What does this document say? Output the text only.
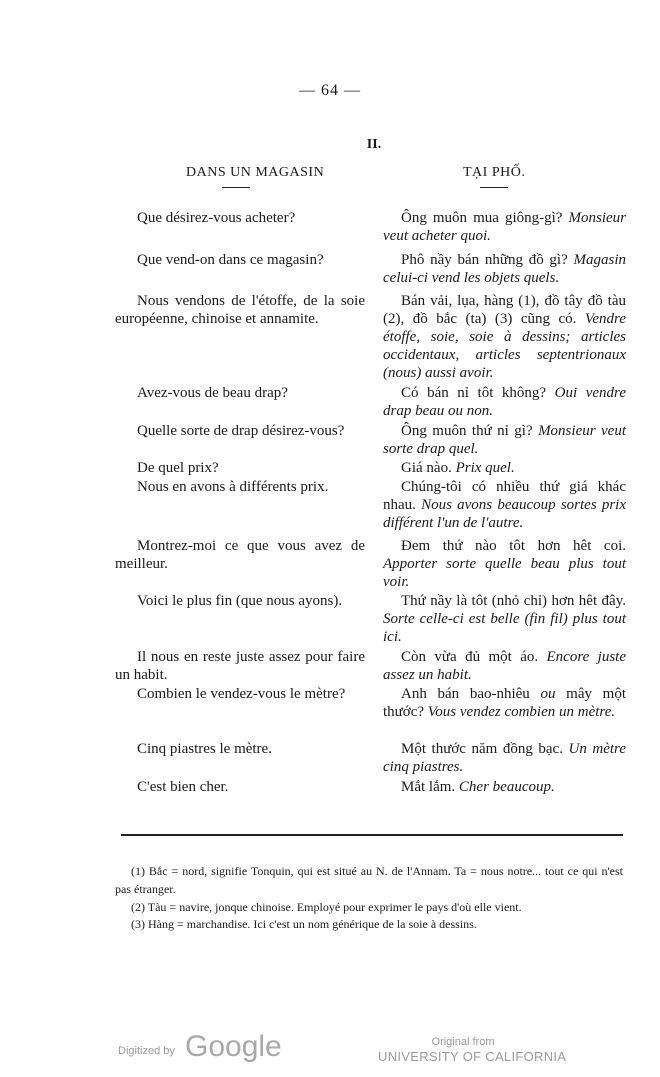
— 64 —
II.
DANS UN MAGASIN	TẠI PHỐ.
Que désirez-vous acheter?
Que vend-on dans ce magasin?
Nous vendons de l'étoffe, de la soie européenne, chinoise et annamite.
Avez-vous de beau drap?
Quelle sorte de drap désirez-vous?
De quel prix?
Nous en avons à différents prix.
Montrez-moi ce que vous avez de meilleur.
Voici le plus fin (que nous ayons).
Il nous en reste juste assez pour faire un habit.
Combien le vendez-vous le mètre?
Cinq piastres le mètre.
C'est bien cher.
Ông muôn mua giông-gì? Monsieur veut acheter quoi.
Phô nầy bán những đồ gì? Magasin celui-ci vend les objets quels.
Bán vải, lụa, hàng (1), đồ tây đồ tàu (2), đồ bắc (ta) (3) cũng có. Vendre étoffe, soie, soie à dessins; articles occidentaux, articles septentrionaux (nous) aussi avoir.
Có bán nỉ tôt không? Oui vendre drap beau ou non.
Ông muôn thứ nỉ gì? Monsieur veut sorte drap quel.
Giá nào. Prix quel.
Chúng-tôi có nhiều thứ giá khác nhau. Nous avons beaucoup sortes prix différent l'un de l'autre.
Đem thứ nào tôt hơn hêt coi. Apporter sorte quelle beau plus tout voir.
Thứ nầy là tôt (nhỏ chỉ) hơn hêt đây. Sorte celle-ci est belle (fin fil) plus tout ici.
Còn vừa đủ một áo. Encore juste assez un habit.
Anh bán bao-nhiêu ou mây một thước? Vous vendez combien un mètre.
Một thước năm đồng bạc. Un mètre cinq piastres.
Mắt lắm. Cher beaucoup.
(1) Bắc = nord, signifie Tonquin, qui est situé au N. de l'Annam. Ta = nous notre... tout ce qui n'est pas étranger.
(2) Tàu = navire, jonque chinoise. Employé pour exprimer le pays d'où elle vient.
(3) Hàng = marchandise. Ici c'est un nom générique de la soie à dessins.
Digitized by Google	Original from
UNIVERSITY OF CALIFORNIA
